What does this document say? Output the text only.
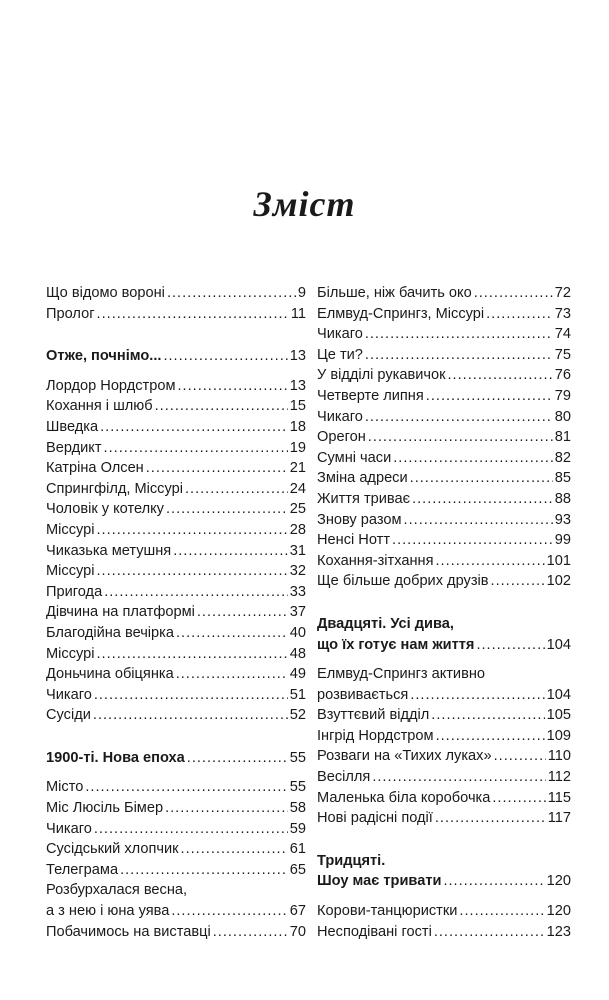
Зміст
Що відомо вороні .....	9
Пролог .....	11
Отже, почнімо... .....	13
Лордор Нордстром .....	13
Кохання і шлюб .....	15
Шведка .....	18
Вердикт .....	19
Катріна Олсен .....	21
Спрингфілд, Міссурі .....	24
Чоловік у котелку .....	25
Міссурі .....	28
Чиказька метушня .....	31
Міссурі .....	32
Пригода .....	33
Дівчина на платформі .....	37
Благодійна вечірка .....	40
Міссурі .....	48
Доньчина обіцянка .....	49
Чикаго .....	51
Сусіди .....	52
1900-ті. Нова епоха .....	55
Місто .....	55
Міс Люсіль Бімер .....	58
Чикаго .....	59
Сусідський хлопчик .....	61
Телеграма .....	65
Розбурхалася весна,
а з нею і юна уява .....	67
Побачимось на виставці .....	70
Більше, ніж бачить око .....	72
Елмвуд-Спрингз, Міссурі .....	73
Чикаго .....	74
Це ти? .....	75
У відділі рукавичок .....	76
Четверте липня .....	79
Чикаго .....	80
Орегон .....	81
Сумні часи .....	82
Зміна адреси .....	85
Життя триває .....	88
Знову разом .....	93
Ненсі Нотт .....	99
Кохання-зітхання .....	101
Ще більше добрих друзів .....	102
Двадцяті. Усі дива,
що їх готує нам життя .....	104
Елмвуд-Спрингз активно
розвивається .....	104
Взуттєвий відділ .....	105
Інгрід Нордстром .....	109
Розваги на «Тихих луках» .....	110
Весілля .....	112
Маленька біла коробочка .....	115
Нові радісні події .....	117
Тридцяті.
Шоу має тривати .....	120
Корови-танцюристки .....	120
Несподівані гості .....	123
